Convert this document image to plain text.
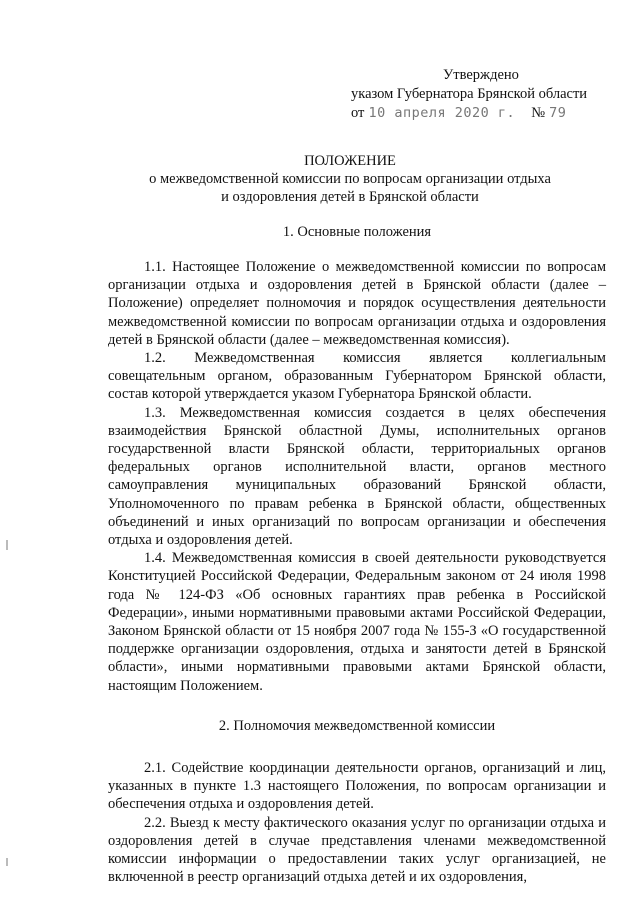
Утверждено
указом Губернатора Брянской области
от 10 апреля 2020 г. № 79
ПОЛОЖЕНИЕ
о межведомственной комиссии по вопросам организации отдыха
и оздоровления детей в Брянской области
1. Основные положения

1.1. Настоящее Положение о межведомственной комиссии по вопросам организации отдыха и оздоровления детей в Брянской области (далее – Положение) определяет полномочия и порядок осуществления деятельности межведомственной комиссии по вопросам организации отдыха и оздоровления детей в Брянской области (далее – межведомственная комиссия).

1.2. Межведомственная комиссия является коллегиальным совещательным органом, образованным Губернатором Брянской области, состав которой утверждается указом Губернатора Брянской области.

1.3. Межведомственная комиссия создается в целях обеспечения взаимодействия Брянской областной Думы, исполнительных органов государственной власти Брянской области, территориальных органов федеральных органов исполнительной власти, органов местного самоуправления муниципальных образований Брянской области, Уполномоченного по правам ребенка в Брянской области, общественных объединений и иных организаций по вопросам организации и обеспечения отдыха и оздоровления детей.

1.4. Межведомственная комиссия в своей деятельности руководствуется Конституцией Российской Федерации, Федеральным законом от 24 июля 1998 года № 124-ФЗ «Об основных гарантиях прав ребенка в Российской Федерации», иными нормативными правовыми актами Российской Федерации, Законом Брянской области от 15 ноября 2007 года № 155-З «О государственной поддержке организации оздоровления, отдыха и занятости детей в Брянской области», иными нормативными правовыми актами Брянской области, настоящим Положением.

2. Полномочия межведомственной комиссии

2.1. Содействие координации деятельности органов, организаций и лиц, указанных в пункте 1.3 настоящего Положения, по вопросам организации и обеспечения отдыха и оздоровления детей.

2.2. Выезд к месту фактического оказания услуг по организации отдыха и оздоровления детей в случае представления членами межведомственной комиссии информации о предоставлении таких услуг организацией, не включенной в реестр организаций отдыха детей и их оздоровления,
